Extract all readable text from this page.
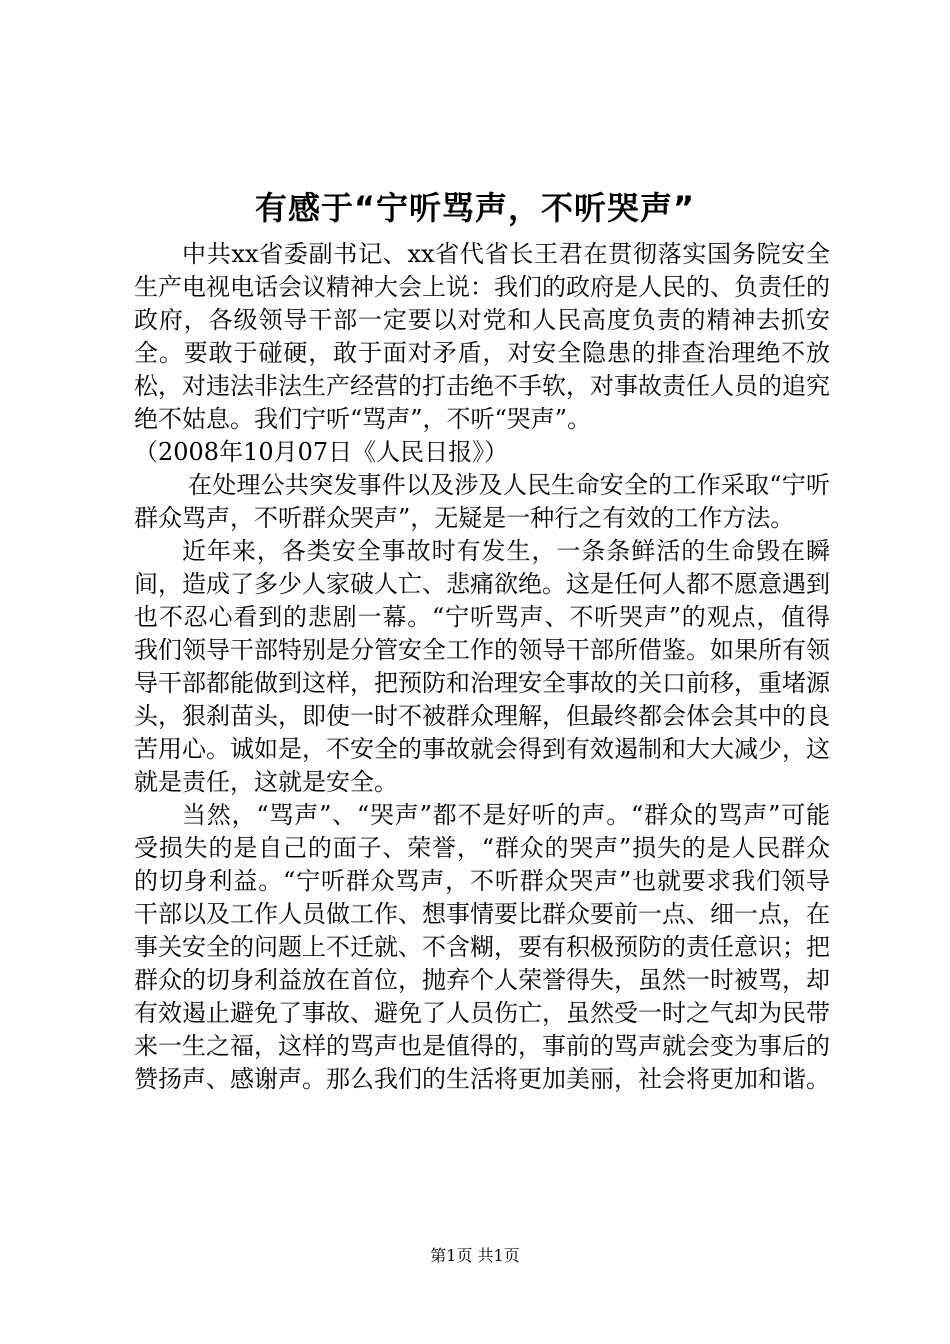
有感于“宁听骂声，不听哭声”

中共xx省委副书记、xx省代省长王君在贯彻落实国务院安全生产电视电话会议精神大会上说：我们的政府是人民的、负责任的政府，各级领导干部一定要以对党和人民高度负责的精神去抓安全。要敢于碰硬，敢于面对矛盾，对安全隐患的排查治理绝不放松，对违法非法生产经营的打击绝不手软，对事故责任人员的追究绝不姑息。我们宁听“骂声”，不听“哭声”。

（2008年10月07日《人民日报》）

在处理公共突发事件以及涉及人民生命安全的工作采取“宁听群众骂声，不听群众哭声”，无疑是一种行之有效的工作方法。

近年来，各类安全事故时有发生，一条条鲜活的生命毁在瞬间，造成了多少人家破人亡、悲痛欲绝。这是任何人都不愿意遇到也不忍心看到的悲剧一幕。“宁听骂声、不听哭声”的观点，值得我们领导干部特别是分管安全工作的领导干部所借鉴。如果所有领导干部都能做到这样，把预防和治理安全事故的关口前移，重堵源头，狠刹苗头，即使一时不被群众理解，但最终都会体会其中的良苦用心。诚如是，不安全的事故就会得到有效遏制和大大减少，这就是责任，这就是安全。

当然，“骂声”、“哭声”都不是好听的声。“群众的骂声”可能受损失的是自己的面子、荣誉，“群众的哭声”损失的是人民群众的切身利益。“宁听群众骂声，不听群众哭声”也就要求我们领导干部以及工作人员做工作、想事情要比群众要前一点、细一点，在事关安全的问题上不迁就、不含糊，要有积极预防的责任意识；把群众的切身利益放在首位，抛弃个人荣誉得失，虽然一时被骂，却有效遏止避免了事故、避免了人员伤亡，虽然受一时之气却为民带来一生之福，这样的骂声也是值得的，事前的骂声就会变为事后的赞扬声、感谢声。那么我们的生活将更加美丽，社会将更加和谐。

第1页 共1页
